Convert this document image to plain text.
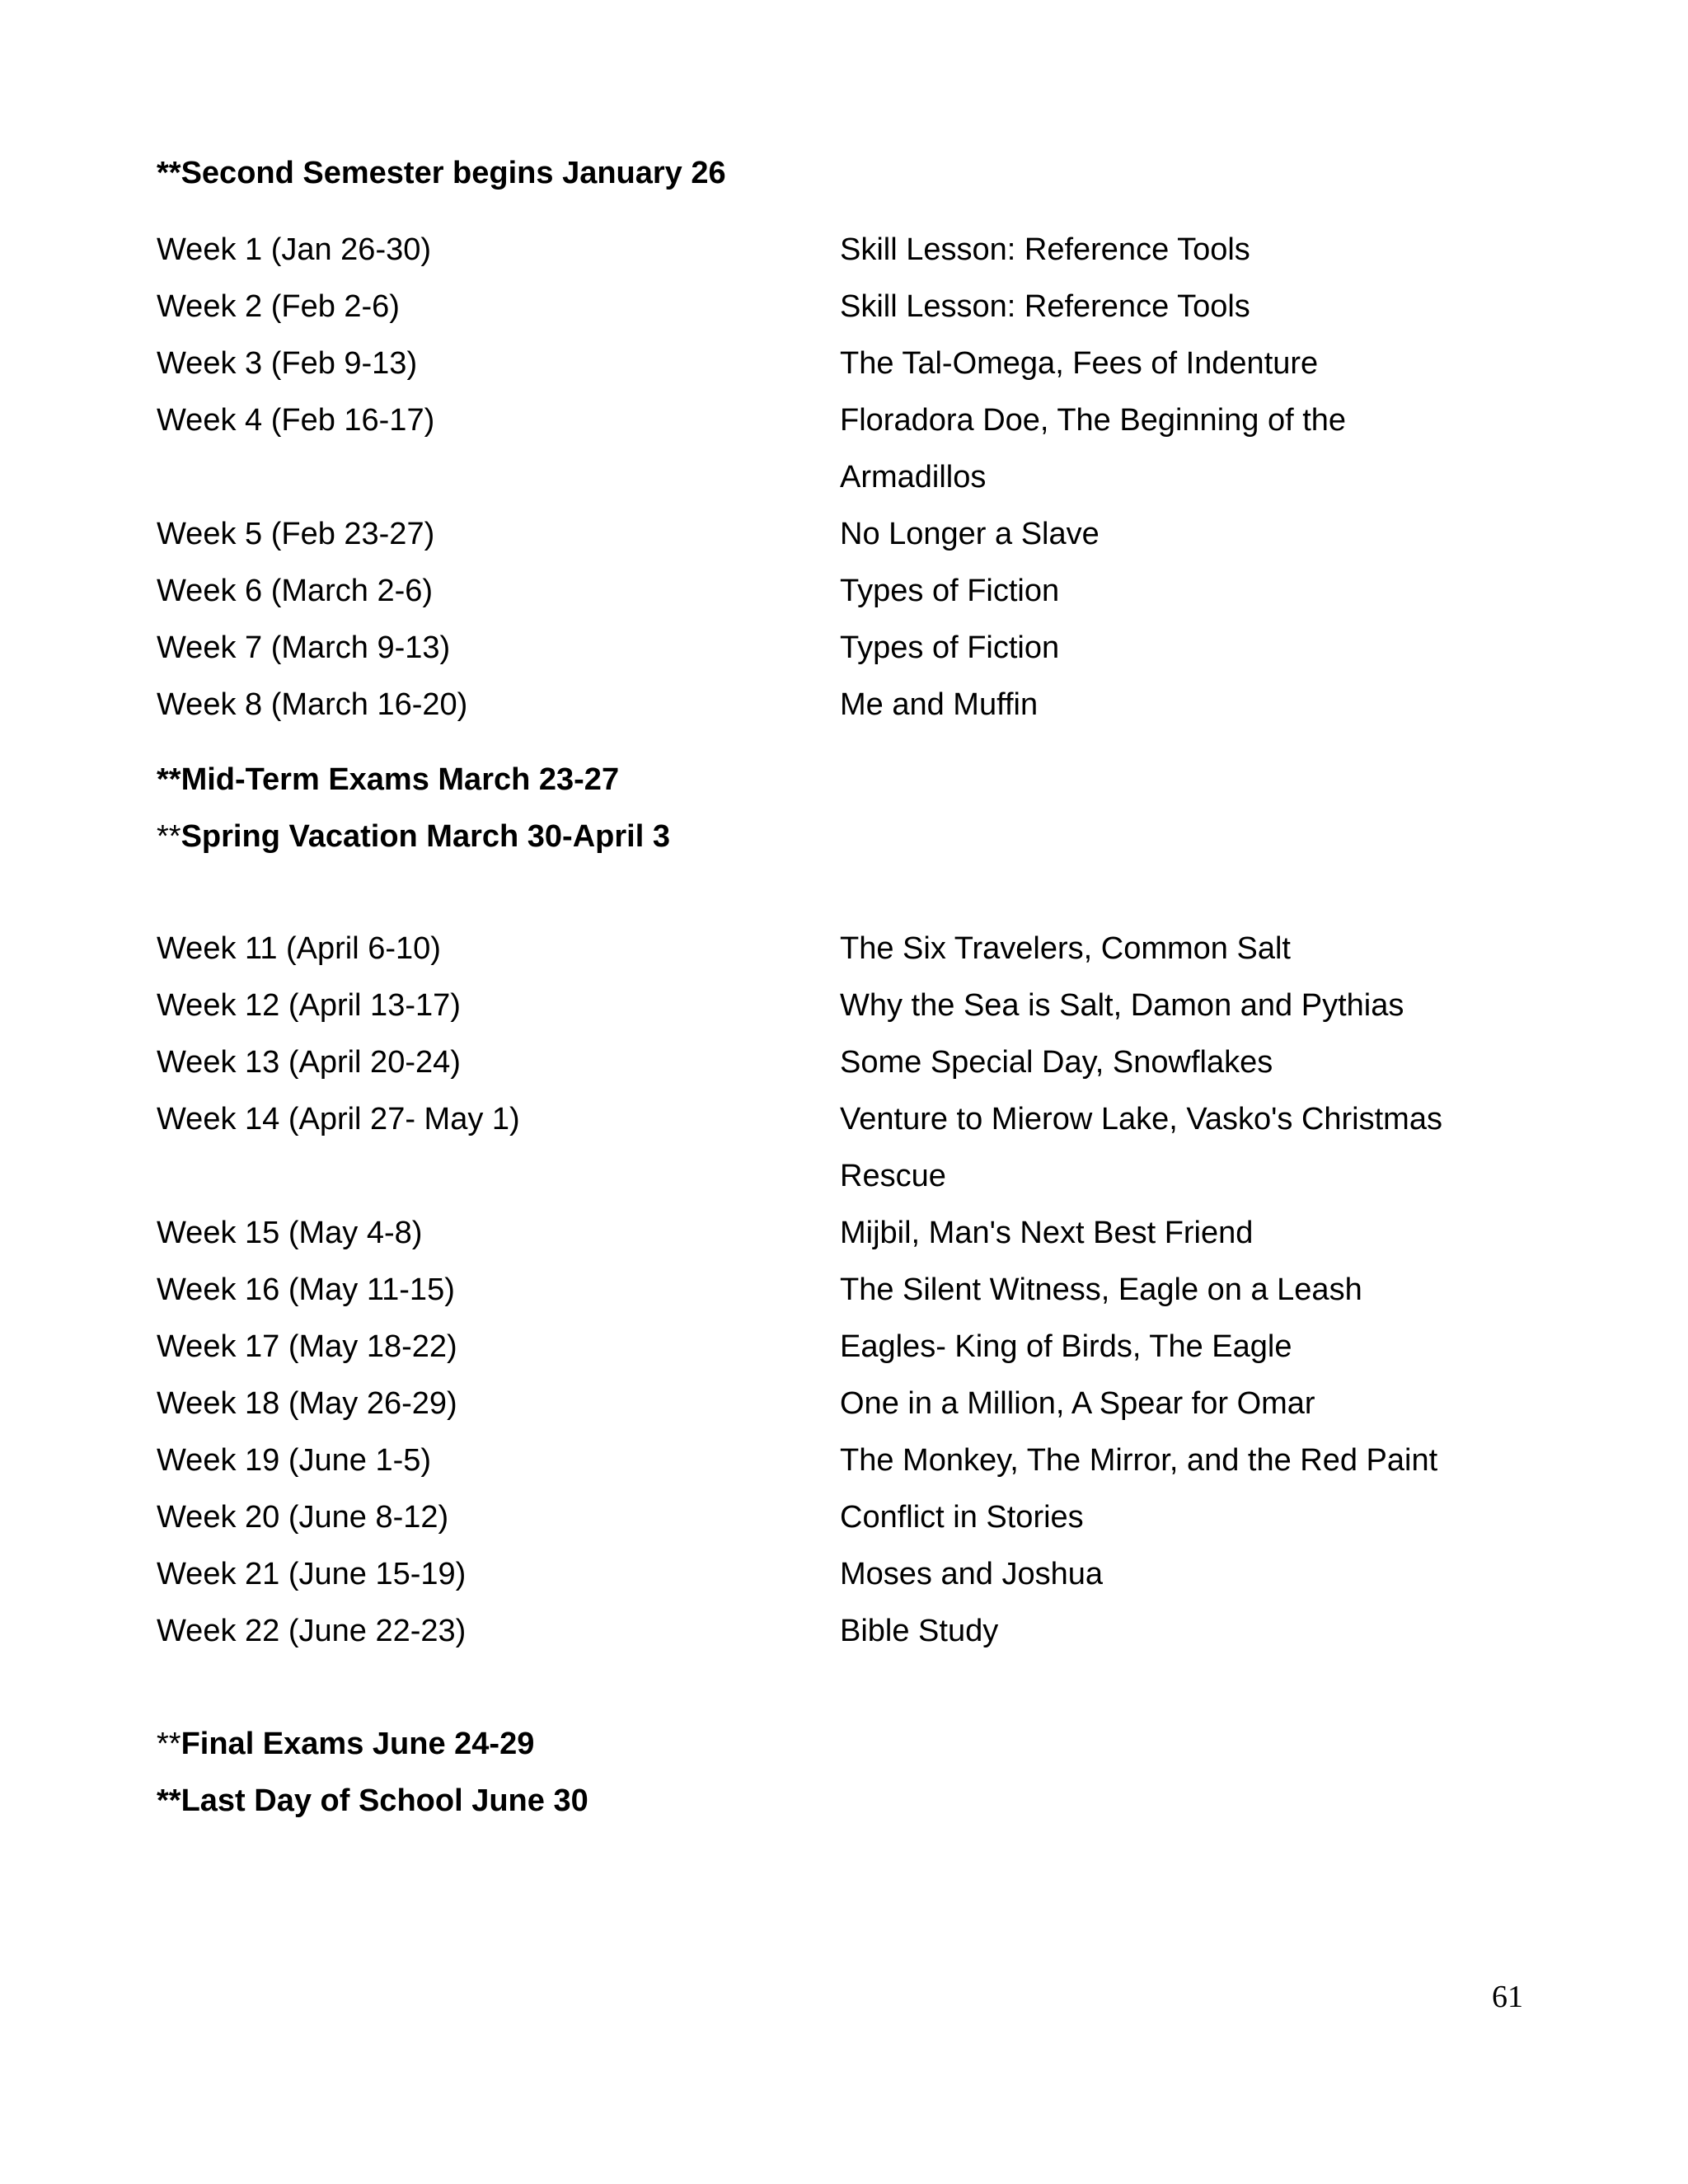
**Second Semester begins January 26
Week 1 (Jan 26-30)	Skill Lesson: Reference Tools
Week 2 (Feb 2-6)	Skill Lesson: Reference Tools
Week 3 (Feb 9-13)	The Tal-Omega, Fees of Indenture
Week 4 (Feb 16-17)	Floradora Doe, The Beginning of the Armadillos
Week 5 (Feb 23-27)	No Longer a Slave
Week 6 (March 2-6)	Types of Fiction
Week 7 (March 9-13)	Types of Fiction
Week 8 (March 16-20)	Me and Muffin
**Mid-Term Exams March 23-27
**Spring Vacation March 30-April 3
Week 11 (April 6-10)	The Six Travelers, Common Salt
Week 12 (April 13-17)	Why the Sea is Salt, Damon and Pythias
Week 13 (April 20-24)	Some Special Day, Snowflakes
Week 14 (April 27- May 1)	Venture to Mierow Lake, Vasko's Christmas Rescue
Week 15 (May 4-8)	Mijbil, Man's Next Best Friend
Week 16 (May 11-15)	The Silent Witness, Eagle on a Leash
Week 17 (May 18-22)	Eagles- King of Birds, The Eagle
Week 18 (May 26-29)	One in a Million, A Spear for Omar
Week 19 (June 1-5)	The Monkey, The Mirror, and the Red Paint
Week 20 (June 8-12)	Conflict in Stories
Week 21 (June 15-19)	Moses and Joshua
Week 22 (June 22-23)	Bible Study
**Final Exams June 24-29
**Last Day of School June 30
61
